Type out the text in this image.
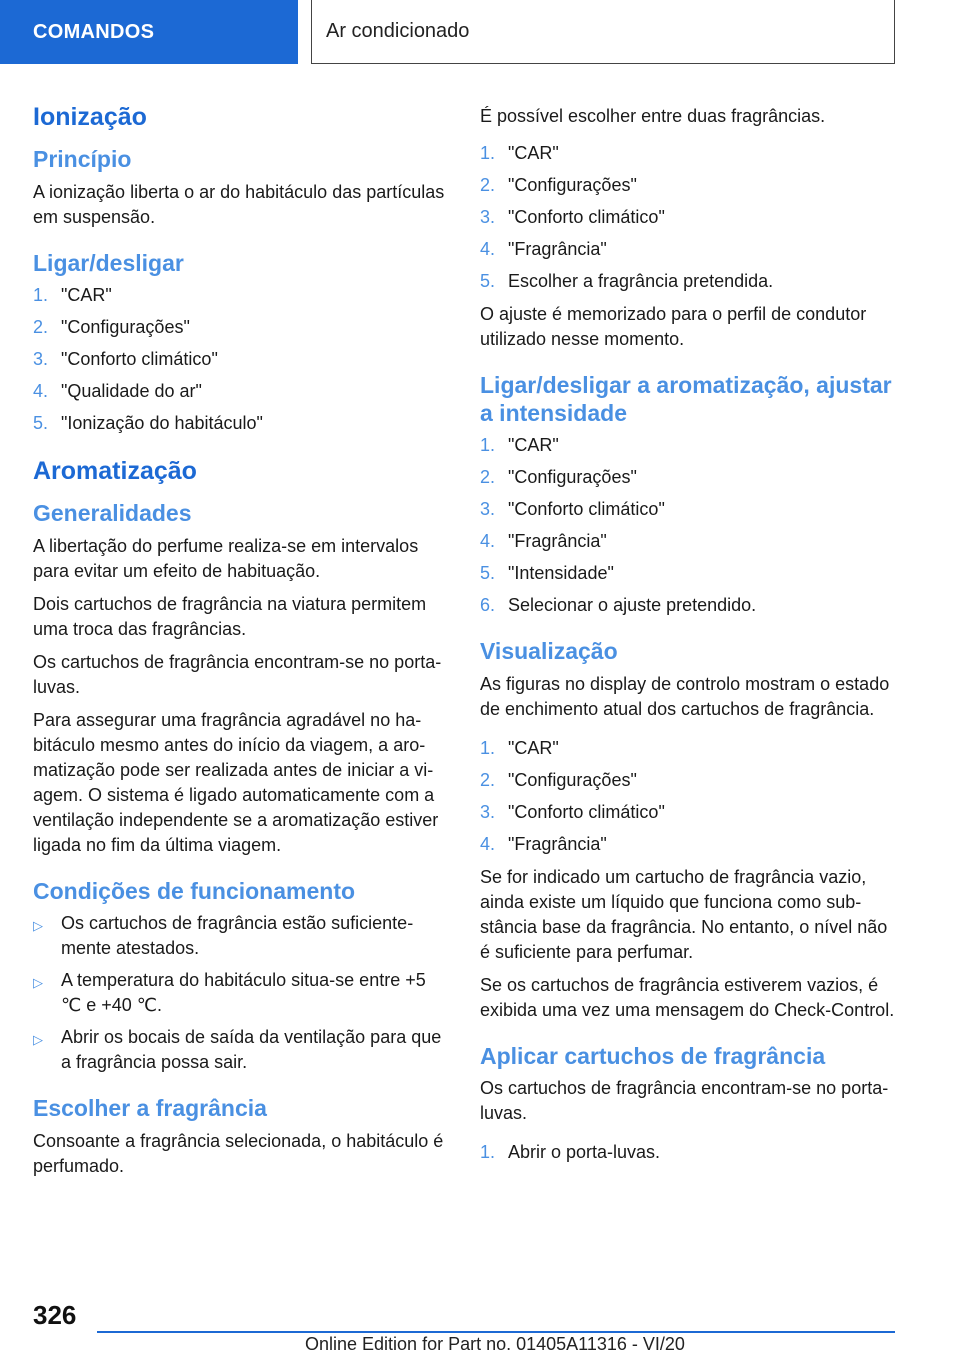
COMANDOS	Ar condicionado
Ionização
Princípio

A ionização liberta o ar do habitáculo das partículas em suspensão.

Ligar/desligar
1. "CAR"
2. "Configurações"
3. "Conforto climático"
4. "Qualidade do ar"
5. "Ionização do habitáculo"
Aromatização
Generalidades

A libertação do perfume realiza-se em intervalos para evitar um efeito de habituação.

Dois cartuchos de fragrância na viatura permitem uma troca das fragrâncias.

Os cartuchos de fragrância encontram-se no porta-luvas.

Para assegurar uma fragrância agradável no habitáculo mesmo antes do início da viagem, a aromatização pode ser realizada antes de iniciar a viagem. O sistema é ligado automaticamente com a ventilação independente se a aromatização estiver ligada no fim da última viagem.

Condições de funcionamento
▷	Os cartuchos de fragrância estão suficientemente atestados.
▷	A temperatura do habitáculo situa-se entre +5 ℃ e +40 ℃.
▷	Abrir os bocais de saída da ventilação para que a fragrância possa sair.
Escolher a fragrância

Consoante a fragrância selecionada, o habitáculo é perfumado.

É possível escolher entre duas fragrâncias.

1. "CAR"
2. "Configurações"
3. "Conforto climático"
4. "Fragrância"
5. Escolher a fragrância pretendida.

O ajuste é memorizado para o perfil de condutor utilizado nesse momento.

Ligar/desligar a aromatização, ajustar a intensidade
1. "CAR"
2. "Configurações"
3. "Conforto climático"
4. "Fragrância"
5. "Intensidade"
6. Selecionar o ajuste pretendido.
Visualização

As figuras no display de controlo mostram o estado de enchimento atual dos cartuchos de fragrância.

1. "CAR"
2. "Configurações"
3. "Conforto climático"
4. "Fragrância"

Se for indicado um cartucho de fragrância vazio, ainda existe um líquido que funciona como substância base da fragrância. No entanto, o nível não é suficiente para perfumar.

Se os cartuchos de fragrância estiverem vazios, é exibida uma vez uma mensagem do Check-Control.

Aplicar cartuchos de fragrância

Os cartuchos de fragrância encontram-se no porta-luvas.

1. Abrir o porta-luvas.
326
Online Edition for Part no. 01405A11316 - VI/20
